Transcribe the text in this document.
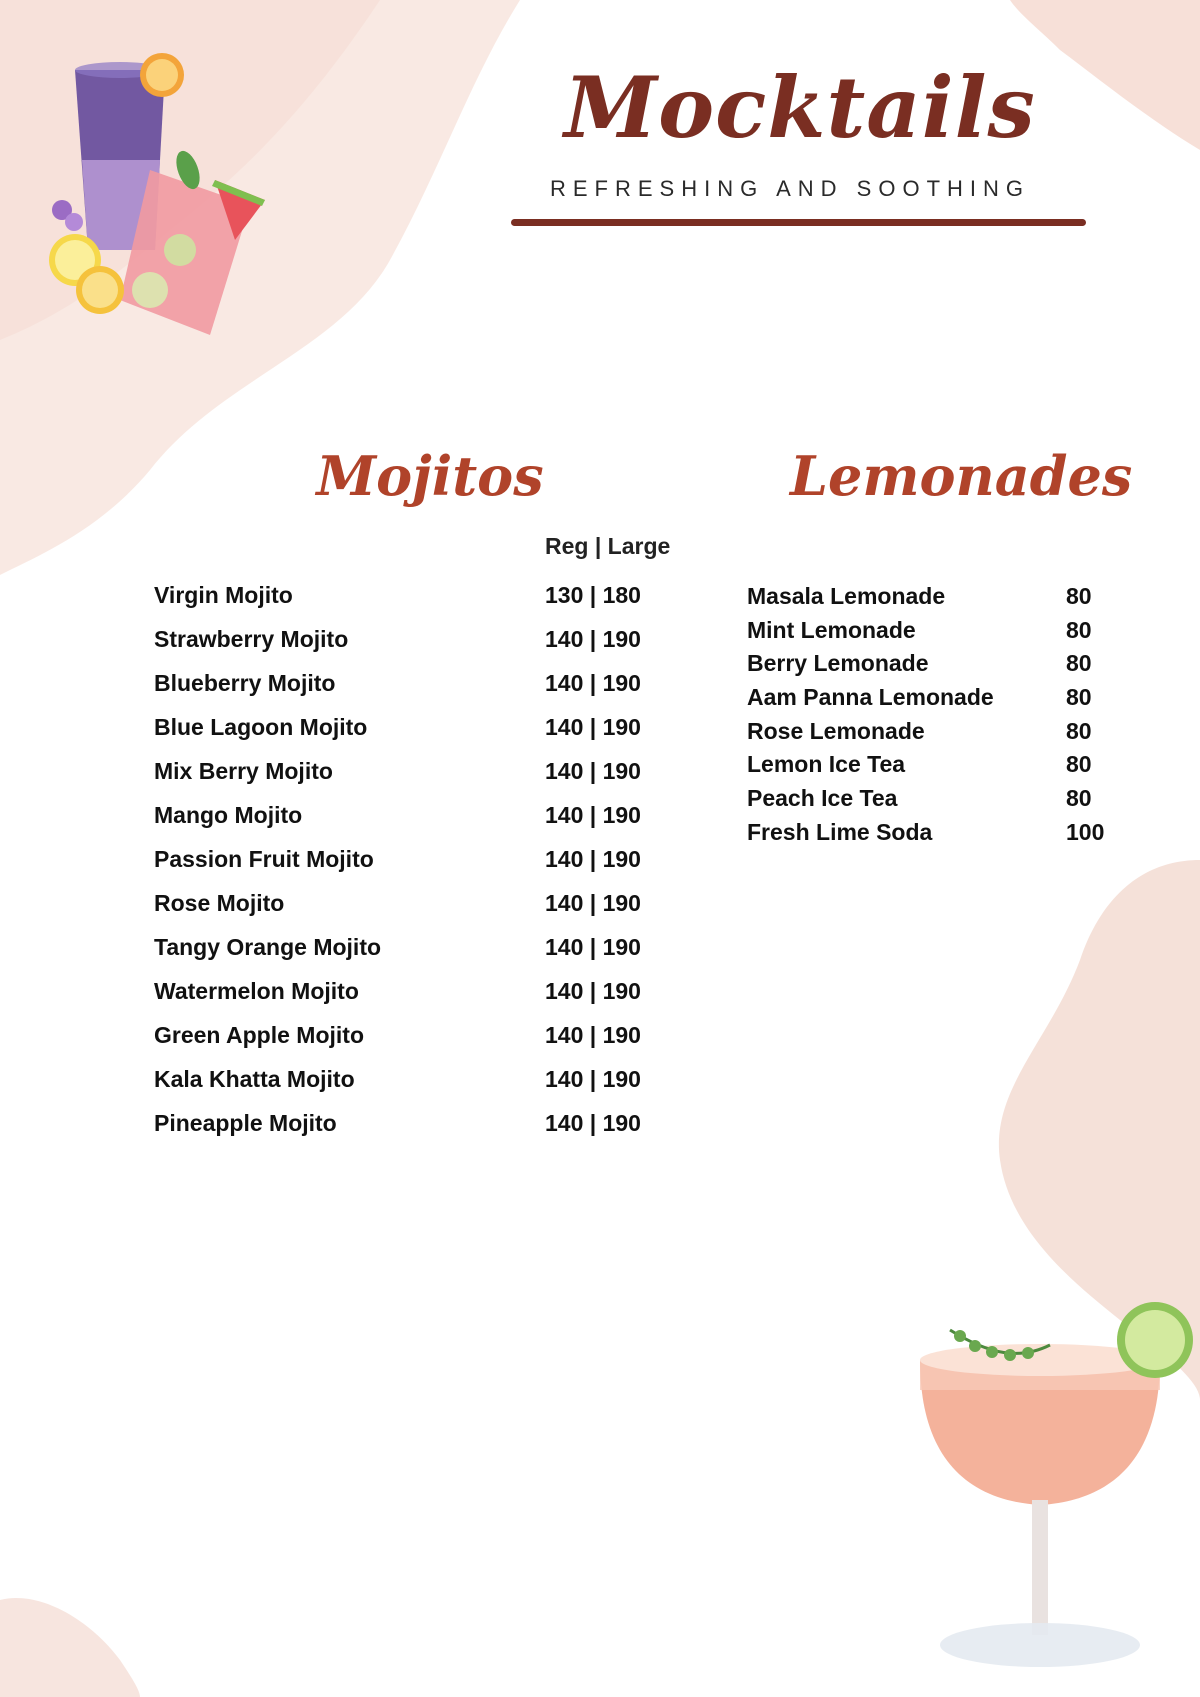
Mocktails
REFRESHING AND SOOTHING
Mojitos
Reg | Large
Virgin Mojito	130 | 180
Strawberry Mojito	140 | 190
Blueberry Mojito	140 | 190
Blue Lagoon Mojito	140 | 190
Mix Berry Mojito	140 | 190
Mango Mojito	140 | 190
Passion Fruit Mojito	140 | 190
Rose Mojito	140 | 190
Tangy Orange Mojito	140 | 190
Watermelon Mojito	140 | 190
Green Apple Mojito	140 | 190
Kala Khatta Mojito	140 | 190
Pineapple Mojito	140 | 190
Lemonades
Masala Lemonade	80
Mint Lemonade	80
Berry Lemonade	80
Aam Panna Lemonade	80
Rose Lemonade	80
Lemon Ice Tea	80
Peach Ice Tea	80
Fresh Lime Soda	100
